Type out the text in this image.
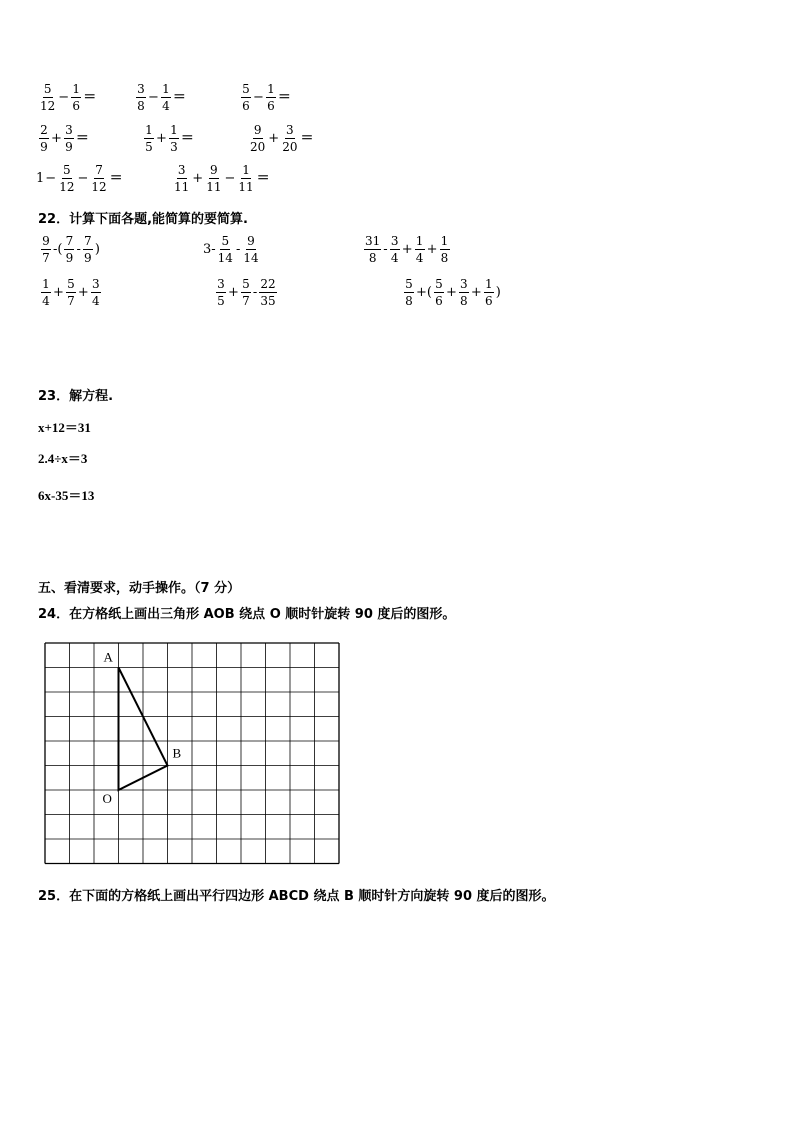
$\frac{5}{12} - \frac{1}{6}$ ＝	$\frac{3}{8} - \frac{1}{4}$ ＝	$\frac{5}{6} - \frac{1}{6}$ ＝
$\frac{2}{9} + \frac{3}{9}$ ＝	$\frac{1}{5} + \frac{1}{3}$ ＝	$\frac{9}{20} + \frac{3}{20}$ ＝
$1 - \frac{5}{12} - \frac{7}{12}$ ＝	$\frac{3}{11} + \frac{9}{11} - \frac{1}{11}$ ＝
22．计算下面各题,能简算的要简算.
$\frac{9}{7}$ -( $\frac{7}{9} - \frac{7}{9}$ )	$3- \frac{5}{14} - \frac{9}{14}$	$\frac{31}{8} - \frac{3}{4} + \frac{1}{4} + \frac{1}{8}$
$\frac{1}{4} + \frac{5}{7} + \frac{3}{4}$	$\frac{3}{5} + \frac{5}{7} - \frac{22}{35}$	$\frac{5}{8}$ +( $\frac{5}{6} + \frac{3}{8} + \frac{1}{6}$ )
23．解方程.
x+12＝31
2.4÷x＝3
6x-35＝13
五、看清要求，动手操作。（7 分）
24．在方格纸上画出三角形 AOB 绕点 O 顺时针旋转 90 度后的图形。
A
B
O
25．在下面的方格纸上画出平行四边形 ABCD 绕点 B 顺时针方向旋转 90 度后的图形。
